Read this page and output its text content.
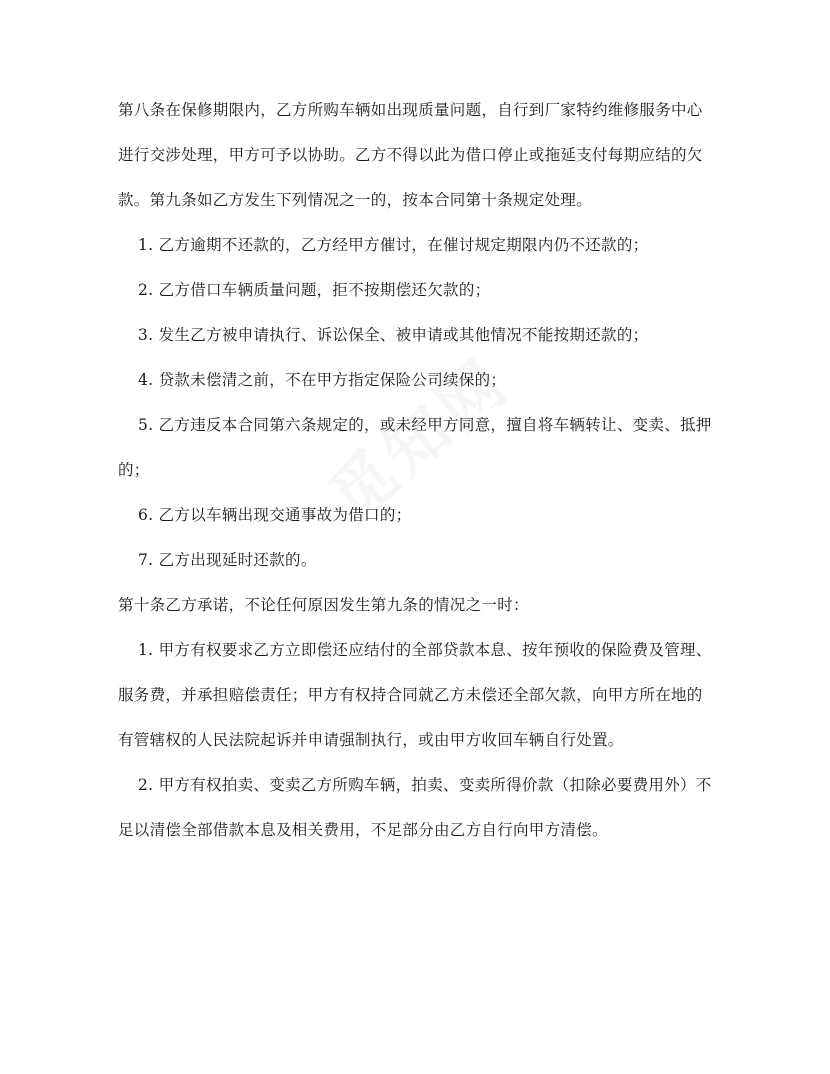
第八条在保修期限内，乙方所购车辆如出现质量问题，自行到厂家特约维修服务中心进行交涉处理，甲方可予以协助。乙方不得以此为借口停止或拖延支付每期应结的欠款。第九条如乙方发生下列情况之一的，按本合同第十条规定处理。

1. 乙方逾期不还款的，乙方经甲方催讨，在催讨规定期限内仍不还款的；

2. 乙方借口车辆质量问题，拒不按期偿还欠款的；

3. 发生乙方被申请执行、诉讼保全、被申请或其他情况不能按期还款的；

4. 贷款未偿清之前，不在甲方指定保险公司续保的；

5. 乙方违反本合同第六条规定的，或未经甲方同意，擅自将车辆转让、变卖、抵押的；

6. 乙方以车辆出现交通事故为借口的；

7. 乙方出现延时还款的。

第十条乙方承诺，不论任何原因发生第九条的情况之一时：

1. 甲方有权要求乙方立即偿还应结付的全部贷款本息、按年预收的保险费及管理、服务费，并承担赔偿责任；甲方有权持合同就乙方未偿还全部欠款，向甲方所在地的有管辖权的人民法院起诉并申请强制执行，或由甲方收回车辆自行处置。

2. 甲方有权拍卖、变卖乙方所购车辆，拍卖、变卖所得价款（扣除必要费用外）不足以清偿全部借款本息及相关费用，不足部分由乙方自行向甲方清偿。
